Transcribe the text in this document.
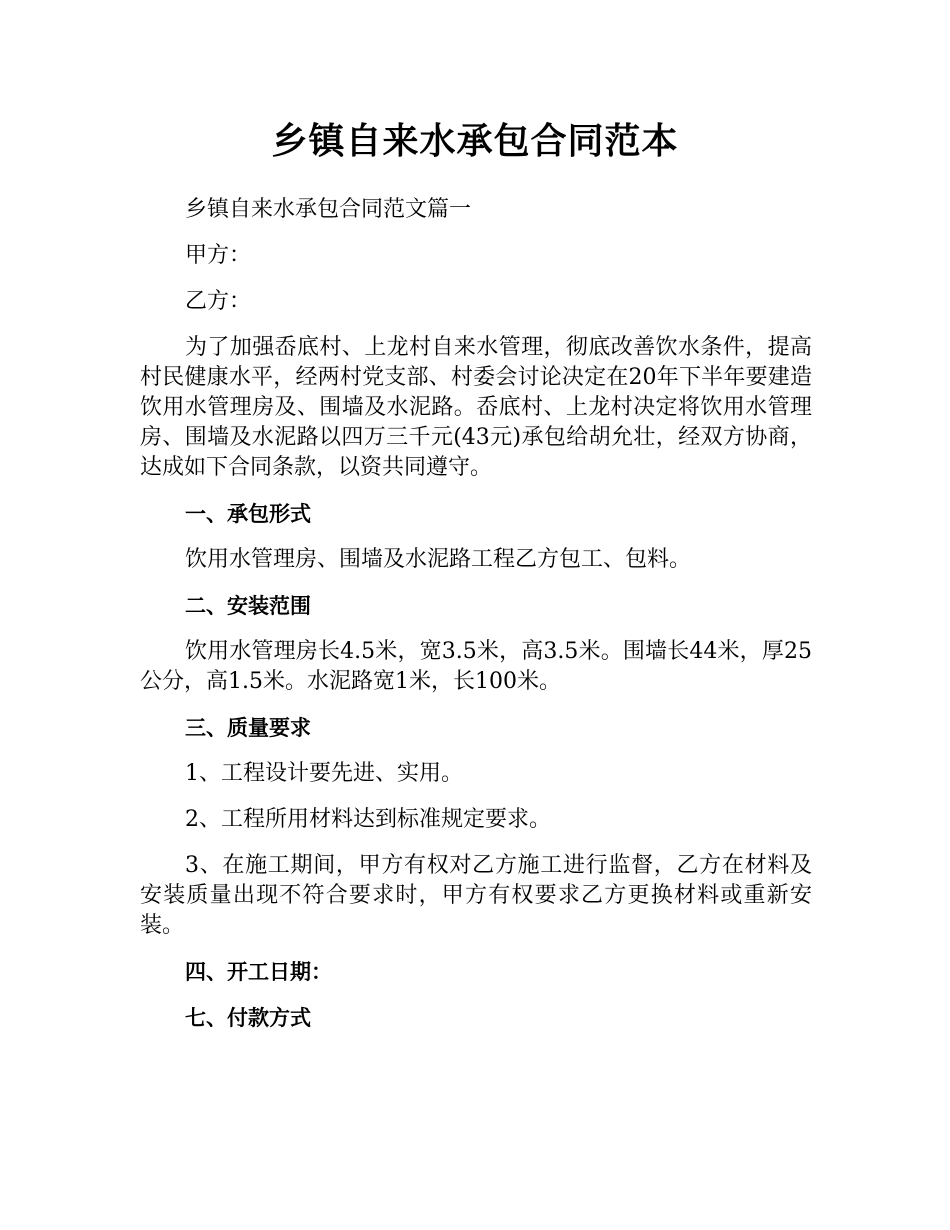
乡镇自来水承包合同范本

乡镇自来水承包合同范文篇一

甲方：

乙方：

为了加强岙底村、上龙村自来水管理，彻底改善饮水条件，提高村民健康水平，经两村党支部、村委会讨论决定在20年下半年要建造饮用水管理房及、围墙及水泥路。岙底村、上龙村决定将饮用水管理房、围墙及水泥路以四万三千元(43元)承包给胡允壮，经双方协商，达成如下合同条款，以资共同遵守。

一、承包形式

饮用水管理房、围墙及水泥路工程乙方包工、包料。

二、安装范围

饮用水管理房长4.5米，宽3.5米，高3.5米。围墙长44米，厚25公分，高1.5米。水泥路宽1米，长100米。

三、质量要求

1、工程设计要先进、实用。

2、工程所用材料达到标准规定要求。

3、在施工期间，甲方有权对乙方施工进行监督，乙方在材料及安装质量出现不符合要求时，甲方有权要求乙方更换材料或重新安装。

四、开工日期：

七、付款方式
